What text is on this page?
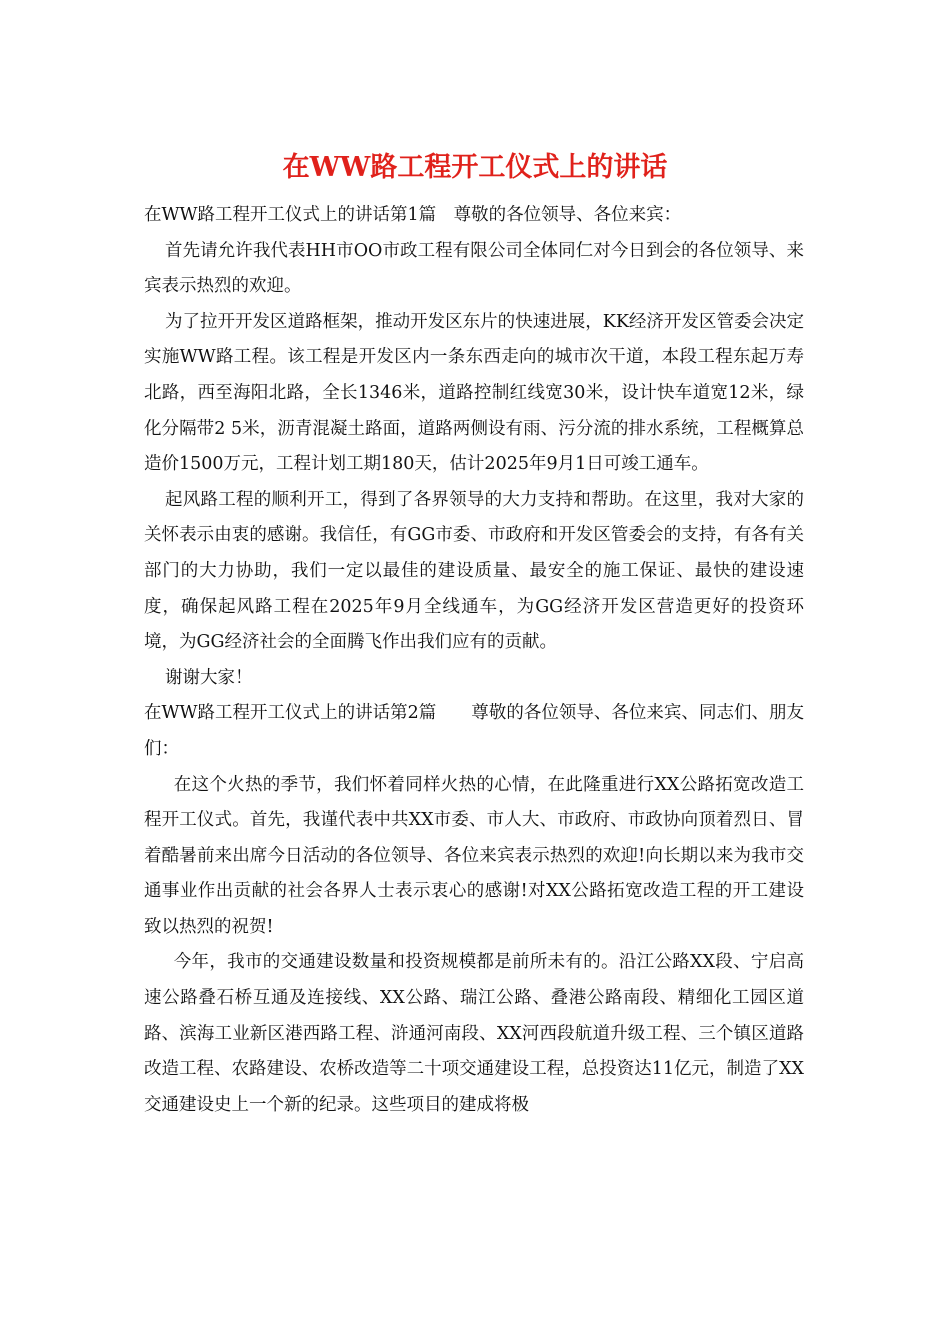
在WW路工程开工仪式上的讲话

在WW路工程开工仪式上的讲话第1篇　尊敬的各位领导、各位来宾：

首先请允许我代表HH市OO市政工程有限公司全体同仁对今日到会的各位领导、来宾表示热烈的欢迎。

为了拉开开发区道路框架，推动开发区东片的快速进展，KK经济开发区管委会决定实施WW路工程。该工程是开发区内一条东西走向的城市次干道，本段工程东起万寿北路，西至海阳北路，全长1346米，道路控制红线宽30米，设计快车道宽12米，绿化分隔带2 5米，沥青混凝土路面，道路两侧设有雨、污分流的排水系统，工程概算总造价1500万元，工程计划工期180天，估计2025年9月1日可竣工通车。

起风路工程的顺利开工，得到了各界领导的大力支持和帮助。在这里，我对大家的关怀表示由衷的感谢。我信任，有GG市委、市政府和开发区管委会的支持，有各有关部门的大力协助，我们一定以最佳的建设质量、最安全的施工保证、最快的建设速度，确保起风路工程在2025年9月全线通车，为GG经济开发区营造更好的投资环境，为GG经济社会的全面腾飞作出我们应有的贡献。

谢谢大家！

在WW路工程开工仪式上的讲话第2篇　　尊敬的各位领导、各位来宾、同志们、朋友们：

在这个火热的季节，我们怀着同样火热的心情，在此隆重进行XX公路拓宽改造工程开工仪式。首先，我谨代表中共XX市委、市人大、市政府、市政协向顶着烈日、冒着酷暑前来出席今日活动的各位领导、各位来宾表示热烈的欢迎!向长期以来为我市交通事业作出贡献的社会各界人士表示衷心的感谢!对XX公路拓宽改造工程的开工建设致以热烈的祝贺!

今年，我市的交通建设数量和投资规模都是前所未有的。沿江公路XX段、宁启高速公路叠石桥互通及连接线、XX公路、瑞江公路、叠港公路南段、精细化工园区道路、滨海工业新区港西路工程、浒通河南段、XX河西段航道升级工程、三个镇区道路改造工程、农路建设、农桥改造等二十项交通建设工程，总投资达11亿元，制造了XX交通建设史上一个新的纪录。这些项目的建成将极
